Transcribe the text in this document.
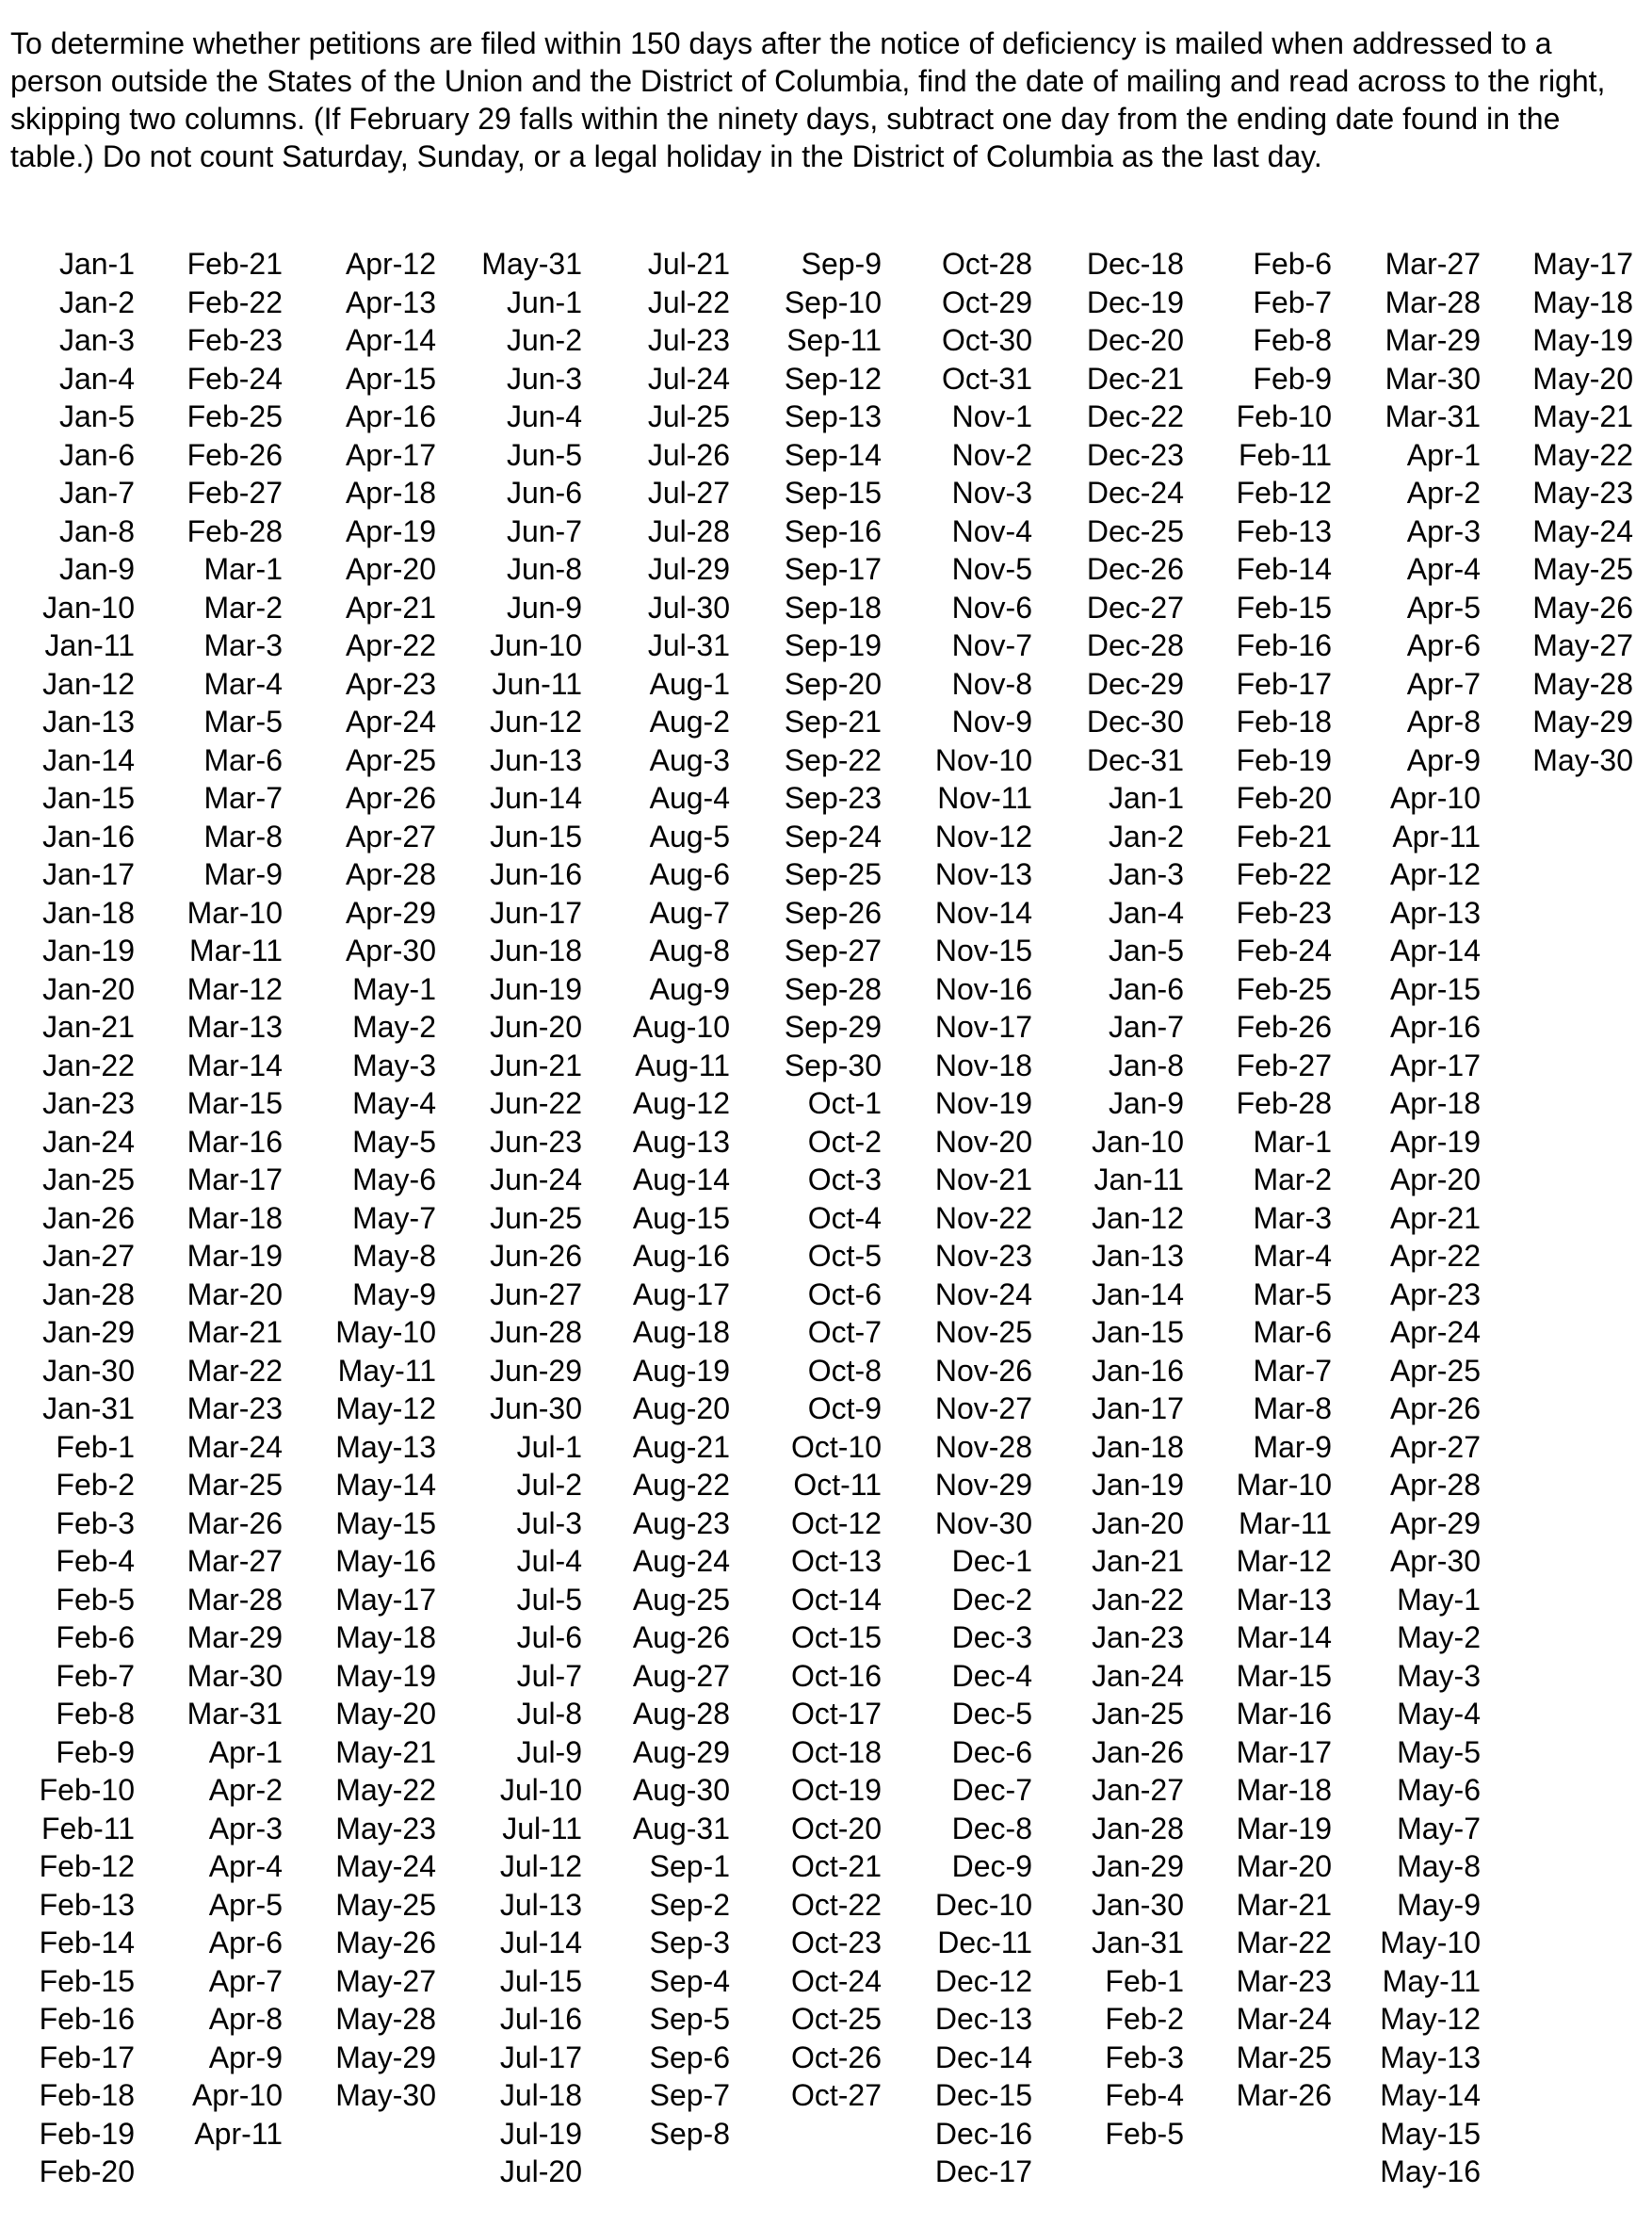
To determine whether petitions are filed within 150 days after the notice of deficiency is mailed when addressed to a person outside the States of the Union and the District of Columbia, find the date of mailing and read across to the right, skipping two columns. (If February 29 falls within the ninety days, subtract one day from the ending date found in the table.) Do not count Saturday, Sunday, or a legal holiday in the District of Columbia as the last day.

Jan-1
Jan-2
Jan-3
Jan-4
Jan-5
Jan-6
Jan-7
Jan-8
Jan-9
Jan-10
Jan-11
Jan-12
Jan-13
Jan-14
Jan-15
Jan-16
Jan-17
Jan-18
Jan-19
Jan-20
Jan-21
Jan-22
Jan-23
Jan-24
Jan-25
Jan-26
Jan-27
Jan-28
Jan-29
Jan-30
Jan-31
Feb-1
Feb-2
Feb-3
Feb-4
Feb-5
Feb-6
Feb-7
Feb-8
Feb-9
Feb-10
Feb-11
Feb-12
Feb-13
Feb-14
Feb-15
Feb-16
Feb-17
Feb-18
Feb-19
Feb-20
Feb-21
Feb-22
Feb-23
Feb-24
Feb-25
Feb-26
Feb-27
Feb-28
Mar-1
Mar-2
Mar-3
Mar-4
Mar-5
Mar-6
Mar-7
Mar-8
Mar-9
Mar-10
Mar-11
Mar-12
Mar-13
Mar-14
Mar-15
Mar-16
Mar-17
Mar-18
Mar-19
Mar-20
Mar-21
Mar-22
Mar-23
Mar-24
Mar-25
Mar-26
Mar-27
Mar-28
Mar-29
Mar-30
Mar-31
Apr-1
Apr-2
Apr-3
Apr-4
Apr-5
Apr-6
Apr-7
Apr-8
Apr-9
Apr-10
Apr-11
Apr-12
Apr-13
Apr-14
Apr-15
Apr-16
Apr-17
Apr-18
Apr-19
Apr-20
Apr-21
Apr-22
Apr-23
Apr-24
Apr-25
Apr-26
Apr-27
Apr-28
Apr-29
Apr-30
May-1
May-2
May-3
May-4
May-5
May-6
May-7
May-8
May-9
May-10
May-11
May-12
May-13
May-14
May-15
May-16
May-17
May-18
May-19
May-20
May-21
May-22
May-23
May-24
May-25
May-26
May-27
May-28
May-29
May-30
May-31
Jun-1
Jun-2
Jun-3
Jun-4
Jun-5
Jun-6
Jun-7
Jun-8
Jun-9
Jun-10
Jun-11
Jun-12
Jun-13
Jun-14
Jun-15
Jun-16
Jun-17
Jun-18
Jun-19
Jun-20
Jun-21
Jun-22
Jun-23
Jun-24
Jun-25
Jun-26
Jun-27
Jun-28
Jun-29
Jun-30
Jul-1
Jul-2
Jul-3
Jul-4
Jul-5
Jul-6
Jul-7
Jul-8
Jul-9
Jul-10
Jul-11
Jul-12
Jul-13
Jul-14
Jul-15
Jul-16
Jul-17
Jul-18
Jul-19
Jul-20
Jul-21
Jul-22
Jul-23
Jul-24
Jul-25
Jul-26
Jul-27
Jul-28
Jul-29
Jul-30
Jul-31
Aug-1
Aug-2
Aug-3
Aug-4
Aug-5
Aug-6
Aug-7
Aug-8
Aug-9
Aug-10
Aug-11
Aug-12
Aug-13
Aug-14
Aug-15
Aug-16
Aug-17
Aug-18
Aug-19
Aug-20
Aug-21
Aug-22
Aug-23
Aug-24
Aug-25
Aug-26
Aug-27
Aug-28
Aug-29
Aug-30
Aug-31
Sep-1
Sep-2
Sep-3
Sep-4
Sep-5
Sep-6
Sep-7
Sep-8
Sep-9
Sep-10
Sep-11
Sep-12
Sep-13
Sep-14
Sep-15
Sep-16
Sep-17
Sep-18
Sep-19
Sep-20
Sep-21
Sep-22
Sep-23
Sep-24
Sep-25
Sep-26
Sep-27
Sep-28
Sep-29
Sep-30
Oct-1
Oct-2
Oct-3
Oct-4
Oct-5
Oct-6
Oct-7
Oct-8
Oct-9
Oct-10
Oct-11
Oct-12
Oct-13
Oct-14
Oct-15
Oct-16
Oct-17
Oct-18
Oct-19
Oct-20
Oct-21
Oct-22
Oct-23
Oct-24
Oct-25
Oct-26
Oct-27
Oct-28
Oct-29
Oct-30
Oct-31
Nov-1
Nov-2
Nov-3
Nov-4
Nov-5
Nov-6
Nov-7
Nov-8
Nov-9
Nov-10
Nov-11
Nov-12
Nov-13
Nov-14
Nov-15
Nov-16
Nov-17
Nov-18
Nov-19
Nov-20
Nov-21
Nov-22
Nov-23
Nov-24
Nov-25
Nov-26
Nov-27
Nov-28
Nov-29
Nov-30
Dec-1
Dec-2
Dec-3
Dec-4
Dec-5
Dec-6
Dec-7
Dec-8
Dec-9
Dec-10
Dec-11
Dec-12
Dec-13
Dec-14
Dec-15
Dec-16
Dec-17
Dec-18
Dec-19
Dec-20
Dec-21
Dec-22
Dec-23
Dec-24
Dec-25
Dec-26
Dec-27
Dec-28
Dec-29
Dec-30
Dec-31
Jan-1
Jan-2
Jan-3
Jan-4
Jan-5
Jan-6
Jan-7
Jan-8
Jan-9
Jan-10
Jan-11
Jan-12
Jan-13
Jan-14
Jan-15
Jan-16
Jan-17
Jan-18
Jan-19
Jan-20
Jan-21
Jan-22
Jan-23
Jan-24
Jan-25
Jan-26
Jan-27
Jan-28
Jan-29
Jan-30
Jan-31
Feb-1
Feb-2
Feb-3
Feb-4
Feb-5
Feb-6
Feb-7
Feb-8
Feb-9
Feb-10
Feb-11
Feb-12
Feb-13
Feb-14
Feb-15
Feb-16
Feb-17
Feb-18
Feb-19
Feb-20
Feb-21
Feb-22
Feb-23
Feb-24
Feb-25
Feb-26
Feb-27
Feb-28
Mar-1
Mar-2
Mar-3
Mar-4
Mar-5
Mar-6
Mar-7
Mar-8
Mar-9
Mar-10
Mar-11
Mar-12
Mar-13
Mar-14
Mar-15
Mar-16
Mar-17
Mar-18
Mar-19
Mar-20
Mar-21
Mar-22
Mar-23
Mar-24
Mar-25
Mar-26
Mar-27
Mar-28
Mar-29
Mar-30
Mar-31
Apr-1
Apr-2
Apr-3
Apr-4
Apr-5
Apr-6
Apr-7
Apr-8
Apr-9
Apr-10
Apr-11
Apr-12
Apr-13
Apr-14
Apr-15
Apr-16
Apr-17
Apr-18
Apr-19
Apr-20
Apr-21
Apr-22
Apr-23
Apr-24
Apr-25
Apr-26
Apr-27
Apr-28
Apr-29
Apr-30
May-1
May-2
May-3
May-4
May-5
May-6
May-7
May-8
May-9
May-10
May-11
May-12
May-13
May-14
May-15
May-16
May-17
May-18
May-19
May-20
May-21
May-22
May-23
May-24
May-25
May-26
May-27
May-28
May-29
May-30
